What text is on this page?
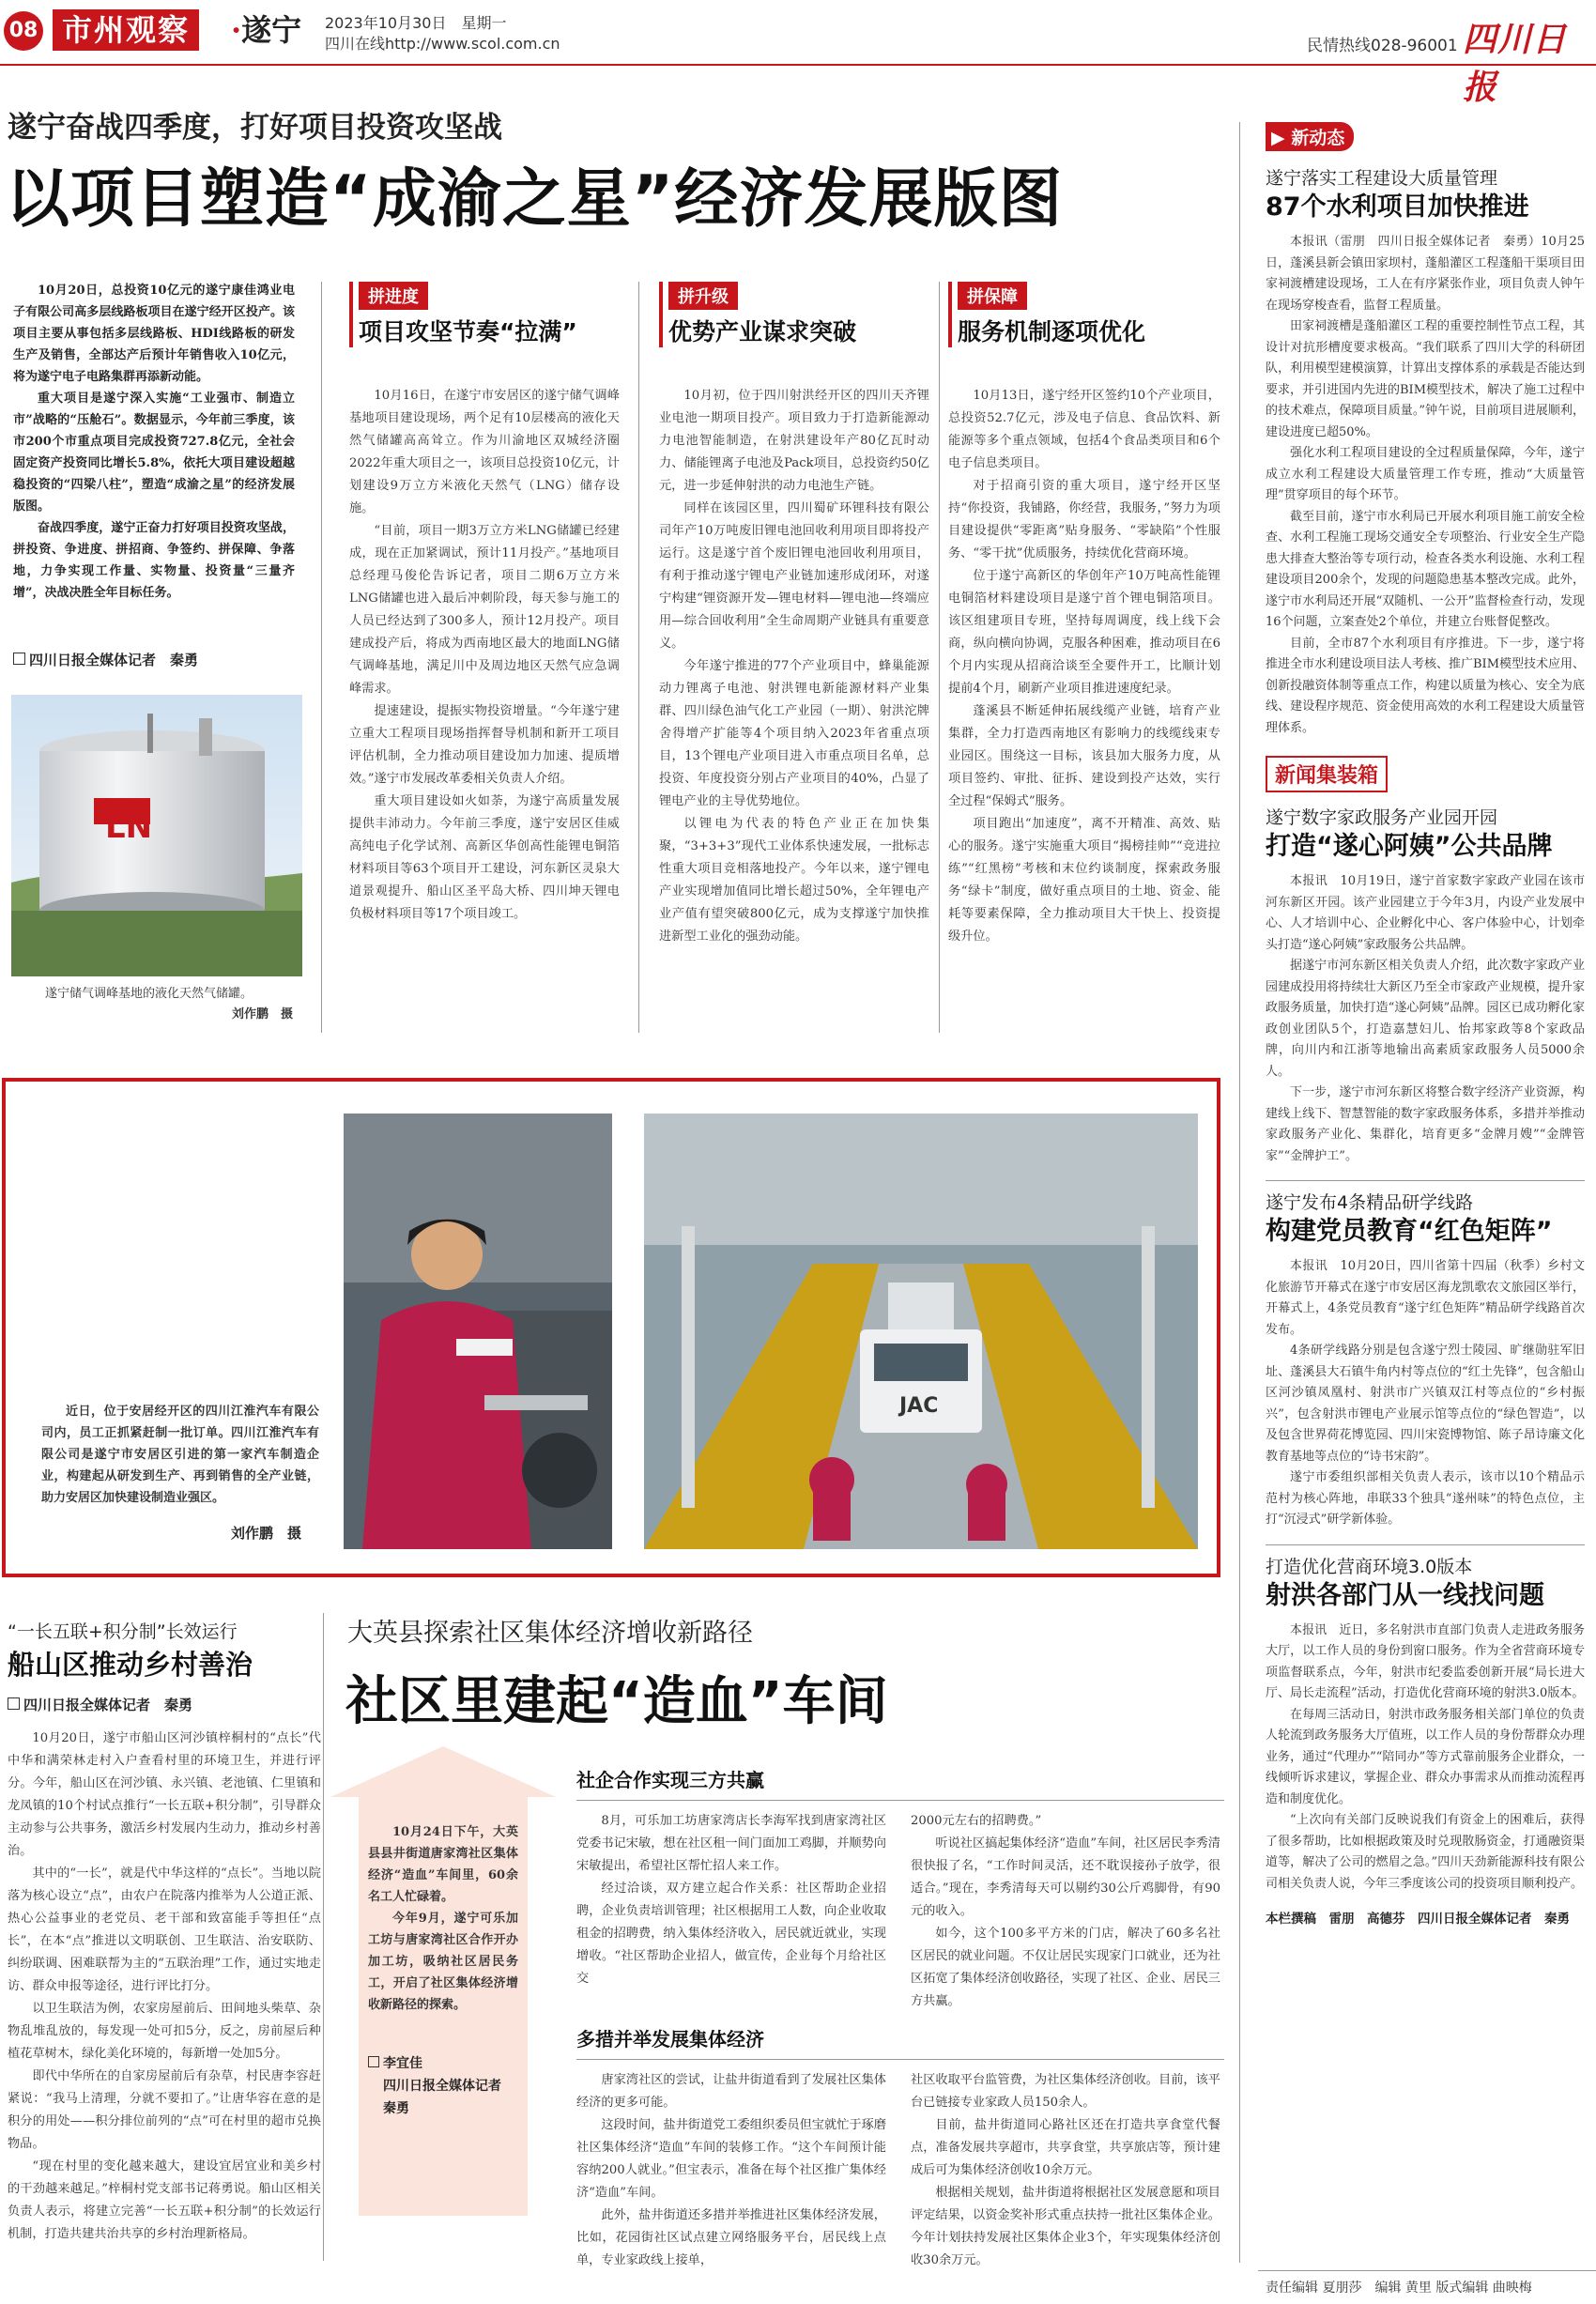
08 市州观察	·遂宁 2023年10月30日　星期一
四川在线http://www.scol.com.cn	民情热线028-96001 四川日报
遂宁奋战四季度，打好项目投资攻坚战
以项目塑造“成渝之星”经济发展版图

10月20日，总投资10亿元的遂宁康佳鸿业电子有限公司高多层线路板项目在遂宁经开区投产。该项目主要从事包括多层线路板、HDI线路板的研发生产及销售，全部达产后预计年销售收入10亿元，将为遂宁电子电路集群再添新动能。

重大项目是遂宁深入实施“工业强市、制造立市”战略的“压舱石”。数据显示，今年前三季度，该市200个市重点项目完成投资727.8亿元，全社会固定资产投资同比增长5.8%，依托大项目建设超越稳投资的“四梁八柱”，塑造“成渝之星”的经济发展版图。

奋战四季度，遂宁正奋力打好项目投资攻坚战，拼投资、争进度、拼招商、争签约、拼保障、争落地，力争实现工作量、实物量、投资量“三量齐增”，决战决胜全年目标任务。

四川日报全媒体记者　秦勇
LN

遂宁储气调峰基地的液化天然气储罐。

刘作鹏　摄
拼进度
项目攻坚节奏“拉满”

10月16日，在遂宁市安居区的遂宁储气调峰基地项目建设现场，两个足有10层楼高的液化天然气储罐高高耸立。作为川渝地区双城经济圈2022年重大项目之一，该项目总投资10亿元，计划建设9万立方米液化天然气（LNG）储存设施。

“目前，项目一期3万立方米LNG储罐已经建成，现在正加紧调试，预计11月投产。”基地项目总经理马俊伦告诉记者，项目二期6万立方米LNG储罐也进入最后冲刺阶段，每天参与施工的人员已经达到了300多人，预计12月投产。项目建成投产后，将成为西南地区最大的地面LNG储气调峰基地，满足川中及周边地区天然气应急调峰需求。

提速建设，提振实物投资增量。“今年遂宁建立重大工程项目现场指挥督导机制和新开工项目评估机制，全力推动项目建设加力加速、提质增效。”遂宁市发展改革委相关负责人介绍。

重大项目建设如火如荼，为遂宁高质量发展提供丰沛动力。今年前三季度，遂宁安居区佳威高纯电子化学试剂、高新区华创高性能锂电铜箔材料项目等63个项目开工建设，河东新区灵泉大道景观提升、船山区圣平岛大桥、四川坤天锂电负极材料项目等17个项目竣工。

拼升级
优势产业谋求突破

10月初，位于四川射洪经开区的四川天齐锂业电池一期项目投产。项目致力于打造新能源动力电池智能制造，在射洪建设年产80亿瓦时动力、储能锂离子电池及Pack项目，总投资约50亿元，进一步延伸射洪的动力电池生产链。

同样在该园区里，四川蜀矿环锂科技有限公司年产10万吨废旧锂电池回收利用项目即将投产运行。这是遂宁首个废旧锂电池回收利用项目，有利于推动遂宁锂电产业链加速形成闭环，对遂宁构建“锂资源开发—锂电材料—锂电池—终端应用—综合回收利用”全生命周期产业链具有重要意义。

今年遂宁推进的77个产业项目中，蜂巢能源动力锂离子电池、射洪锂电新能源材料产业集群、四川绿色油气化工产业园（一期）、射洪沱牌舍得增产扩能等4个项目纳入2023年省重点项目，13个锂电产业项目进入市重点项目名单，总投资、年度投资分别占产业项目的40%，凸显了锂电产业的主导优势地位。

以锂电为代表的特色产业正在加快集聚，“3+3+3”现代工业体系快速发展，一批标志性重大项目竞相落地投产。今年以来，遂宁锂电产业实现增加值同比增长超过50%，全年锂电产业产值有望突破800亿元，成为支撑遂宁加快推进新型工业化的强劲动能。

拼保障
服务机制逐项优化

10月13日，遂宁经开区签约10个产业项目，总投资52.7亿元，涉及电子信息、食品饮料、新能源等多个重点领域，包括4个食品类项目和6个电子信息类项目。

对于招商引资的重大项目，遂宁经开区坚持“你投资，我铺路，你经营，我服务，”努力为项目建设提供“零距离”贴身服务、“零缺陷”个性服务、“零干扰”优质服务，持续优化营商环境。

位于遂宁高新区的华创年产10万吨高性能锂电铜箔材料建设项目是遂宁首个锂电铜箔项目。该区组建项目专班，坚持每周调度，线上线下会商，纵向横向协调，克服各种困难，推动项目在6个月内实现从招商洽谈至全要件开工，比顺计划提前4个月，刷新产业项目推进速度纪录。

蓬溪县不断延伸拓展线缆产业链，培育产业集群，全力打造西南地区有影响力的线缆线束专业园区。围绕这一目标，该县加大服务力度，从项目签约、审批、征拆、建设到投产达效，实行全过程“保姆式”服务。

项目跑出“加速度”，离不开精准、高效、贴心的服务。遂宁实施重大项目“揭榜挂帅”“竞进拉练”“红黑榜”考核和末位约谈制度，探索政务服务“绿卡”制度，做好重点项目的土地、资金、能耗等要素保障，全力推动项目大干快上、投资提级升位。

JAC

近日，位于安居经开区的四川江淮汽车有限公司内，员工正抓紧赶制一批订单。四川江淮汽车有限公司是遂宁市安居区引进的第一家汽车制造企业，构建起从研发到生产、再到销售的全产业链，助力安居区加快建设制造业强区。

刘作鹏　摄
“一长五联+积分制”长效运行
船山区推动乡村善治
四川日报全媒体记者　秦勇

10月20日，遂宁市船山区河沙镇梓桐村的“点长”代中华和满荣林走村入户查看村里的环境卫生，并进行评分。今年，船山区在河沙镇、永兴镇、老池镇、仁里镇和龙凤镇的10个村试点推行“一长五联+积分制”，引导群众主动参与公共事务，激活乡村发展内生动力，推动乡村善治。

其中的“一长”，就是代中华这样的“点长”。当地以院落为核心设立“点”，由农户在院落内推举为人公道正派、热心公益事业的老党员、老干部和致富能手等担任“点长”，在本“点”推进以文明联创、卫生联洁、治安联防、纠纷联调、困难联帮为主的“五联治理”工作，通过实地走访、群众申报等途径，进行评比打分。

以卫生联洁为例，农家房屋前后、田间地头柴草、杂物乱堆乱放的，每发现一处可扣5分，反之，房前屋后种植花草树木，绿化美化环境的，每新增一处加5分。

即代中华所在的自家房屋前后有杂草，村民唐李容赶紧说：“我马上清理，分就不要扣了。”让唐华容在意的是积分的用处——积分排位前列的“点”可在村里的超市兑换物品。

“现在村里的变化越来越大，建设宜居宜业和美乡村的干劲越来越足。”梓桐村党支部书记蒋勇说。船山区相关负责人表示，将建立完善“一长五联+积分制”的长效运行机制，打造共建共治共享的乡村治理新格局。

大英县探索社区集体经济增收新路径
社区里建起“造血”车间

10月24日下午，大英县县井街道唐家湾社区集体经济“造血”车间里，60余名工人忙碌着。

今年9月，遂宁可乐加工坊与唐家湾社区合作开办加工坊，吸纳社区居民务工，开启了社区集体经济增收新路径的探索。

李宜佳
四川日报全媒体记者
秦勇
社企合作实现三方共赢

8月，可乐加工坊唐家湾店长李海军找到唐家湾社区党委书记宋敏，想在社区租一间门面加工鸡脚，并顺势向宋敏提出，希望社区帮忙招人来工作。

经过洽谈，双方建立起合作关系：社区帮助企业招聘，企业负责培训管理；社区根据用工人数，向企业收取租金的招聘费，纳入集体经济收入，居民就近就业，实现增收。“社区帮助企业招人，做宣传，企业每个月给社区交

2000元左右的招聘费。”

听说社区搞起集体经济“造血”车间，社区居民李秀清很快报了名，“工作时间灵活，还不耽误接孙子放学，很适合。”现在，李秀清每天可以剔约30公斤鸡脚骨，有90元的收入。

如今，这个100多平方米的门店，解决了60多名社区居民的就业问题。不仅让居民实现家门口就业，还为社区拓宽了集体经济创收路径，实现了社区、企业、居民三方共赢。

多措并举发展集体经济

唐家湾社区的尝试，让盐井街道看到了发展社区集体经济的更多可能。

这段时间，盐井街道党工委组织委员但宝就忙于琢磨社区集体经济“造血”车间的装修工作。“这个车间预计能容纳200人就业。”但宝表示，准备在每个社区推广集体经济“造血”车间。

此外，盐井街道还多措并举推进社区集体经济发展，比如，花园街社区试点建立网络服务平台，居民线上点单，专业家政线上接单，

社区收取平台监管费，为社区集体经济创收。目前，该平台已链接专业家政人员150余人。

目前，盐井街道同心路社区还在打造共享食堂代餐点，准备发展共享超市，共享食堂，共享旅店等，预计建成后可为集体经济创收10余万元。

根据相关规划，盐井街道将根据社区发展意愿和项目评定结果，以资金奖补形式重点扶持一批社区集体企业。今年计划扶持发展社区集体企业3个，年实现集体经济创收30余万元。

▶ 新动态
遂宁落实工程建设大质量管理
87个水利项目加快推进

本报讯（雷朋　四川日报全媒体记者　秦勇）10月25日，蓬溪县新会镇田家坝村，蓬船灌区工程蓬船干渠项目田家祠渡槽建设现场，工人在有序紧张作业，项目负责人钟午在现场穿梭查看，监督工程质量。

田家祠渡槽是蓬船灌区工程的重要控制性节点工程，其设计对抗形槽度要求极高。“我们联系了四川大学的科研团队，利用模型建模演算，计算出支撑体系的承载是否能达到要求，并引进国内先进的BIM模型技术，解决了施工过程中的技术难点，保障项目质量。”钟午说，目前项目进展顺利，建设进度已超50%。

强化水利工程项目建设的全过程质量保障，今年，遂宁成立水利工程建设大质量管理工作专班，推动“大质量管理”贯穿项目的每个环节。

截至目前，遂宁市水利局已开展水利项目施工前安全检查、水利工程施工现场交通安全专项整治、行业安全生产隐患大排查大整治等专项行动，检查各类水利设施、水利工程建设项目200余个，发现的问题隐患基本整改完成。此外，遂宁市水利局还开展“双随机、一公开”监督检查行动，发现16个问题，立案查处2个单位，并建立台账督促整改。

目前，全市87个水利项目有序推进。下一步，遂宁将推进全市水利建设项目法人考核、推广BIM模型技术应用、创新投融资体制等重点工作，构建以质量为核心、安全为底线、建设程序规范、资金使用高效的水利工程建设大质量管理体系。

新闻集装箱
遂宁数字家政服务产业园开园
打造“遂心阿姨”公共品牌

本报讯　10月19日，遂宁首家数字家政产业园在该市河东新区开园。该产业园建立于今年3月，内设产业发展中心、人才培训中心、企业孵化中心、客户体验中心，计划牵头打造“遂心阿姨”家政服务公共品牌。

据遂宁市河东新区相关负责人介绍，此次数字家政产业园建成投用将持续壮大新区乃至全市家政产业规模，提升家政服务质量，加快打造“遂心阿姨”品牌。园区已成功孵化家政创业团队5个，打造嘉慧妇儿、怡邦家政等8个家政品牌，向川内和江浙等地输出高素质家政服务人员5000余人。

下一步，遂宁市河东新区将整合数字经济产业资源，构建线上线下、智慧智能的数字家政服务体系，多措并举推动家政服务产业化、集群化，培育更多“金牌月嫂”“金牌管家”“金牌护工”。

遂宁发布4条精品研学线路
构建党员教育“红色矩阵”

本报讯　10月20日，四川省第十四届（秋季）乡村文化旅游节开幕式在遂宁市安居区海龙凯歌农文旅园区举行，开幕式上，4条党员教育“遂宁红色矩阵”精品研学线路首次发布。

4条研学线路分别是包含遂宁烈士陵园、旷继勋驻军旧址、蓬溪县大石镇牛角内村等点位的“红土先锋”，包含船山区河沙镇凤凰村、射洪市广兴镇双江村等点位的“乡村振兴”，包含射洪市锂电产业展示馆等点位的“绿色智造”，以及包含世界荷花博览园、四川宋瓷博物馆、陈子昂诗廉文化教育基地等点位的“诗书宋韵”。

遂宁市委组织部相关负责人表示，该市以10个精品示范村为核心阵地，串联33个独具“遂州味”的特色点位，主打“沉浸式”研学新体验。

打造优化营商环境3.0版本
射洪各部门从一线找问题

本报讯　近日，多名射洪市直部门负责人走进政务服务大厅，以工作人员的身份到窗口服务。作为全省营商环境专项监督联系点，今年，射洪市纪委监委创新开展“局长进大厅、局长走流程”活动，打造优化营商环境的射洪3.0版本。

在每周三活动日，射洪市政务服务相关部门单位的负责人轮流到政务服务大厅值班，以工作人员的身份帮群众办理业务，通过“代理办”“陪同办”等方式靠前服务企业群众，一线倾听诉求建议，掌握企业、群众办事需求从而推动流程再造和制度优化。

“上次向有关部门反映说我们有资金上的困难后，获得了很多帮助，比如根据政策及时兑现散肠资金，打通融资渠道等，解决了公司的燃眉之急。”四川天劲新能源科技有限公司相关负责人说，今年三季度该公司的投资项目顺利投产。

本栏撰稿　雷朋　高德芬　四川日报全媒体记者　秦勇
责任编辑 夏朋莎　编辑 黄里 版式编辑 曲映梅
